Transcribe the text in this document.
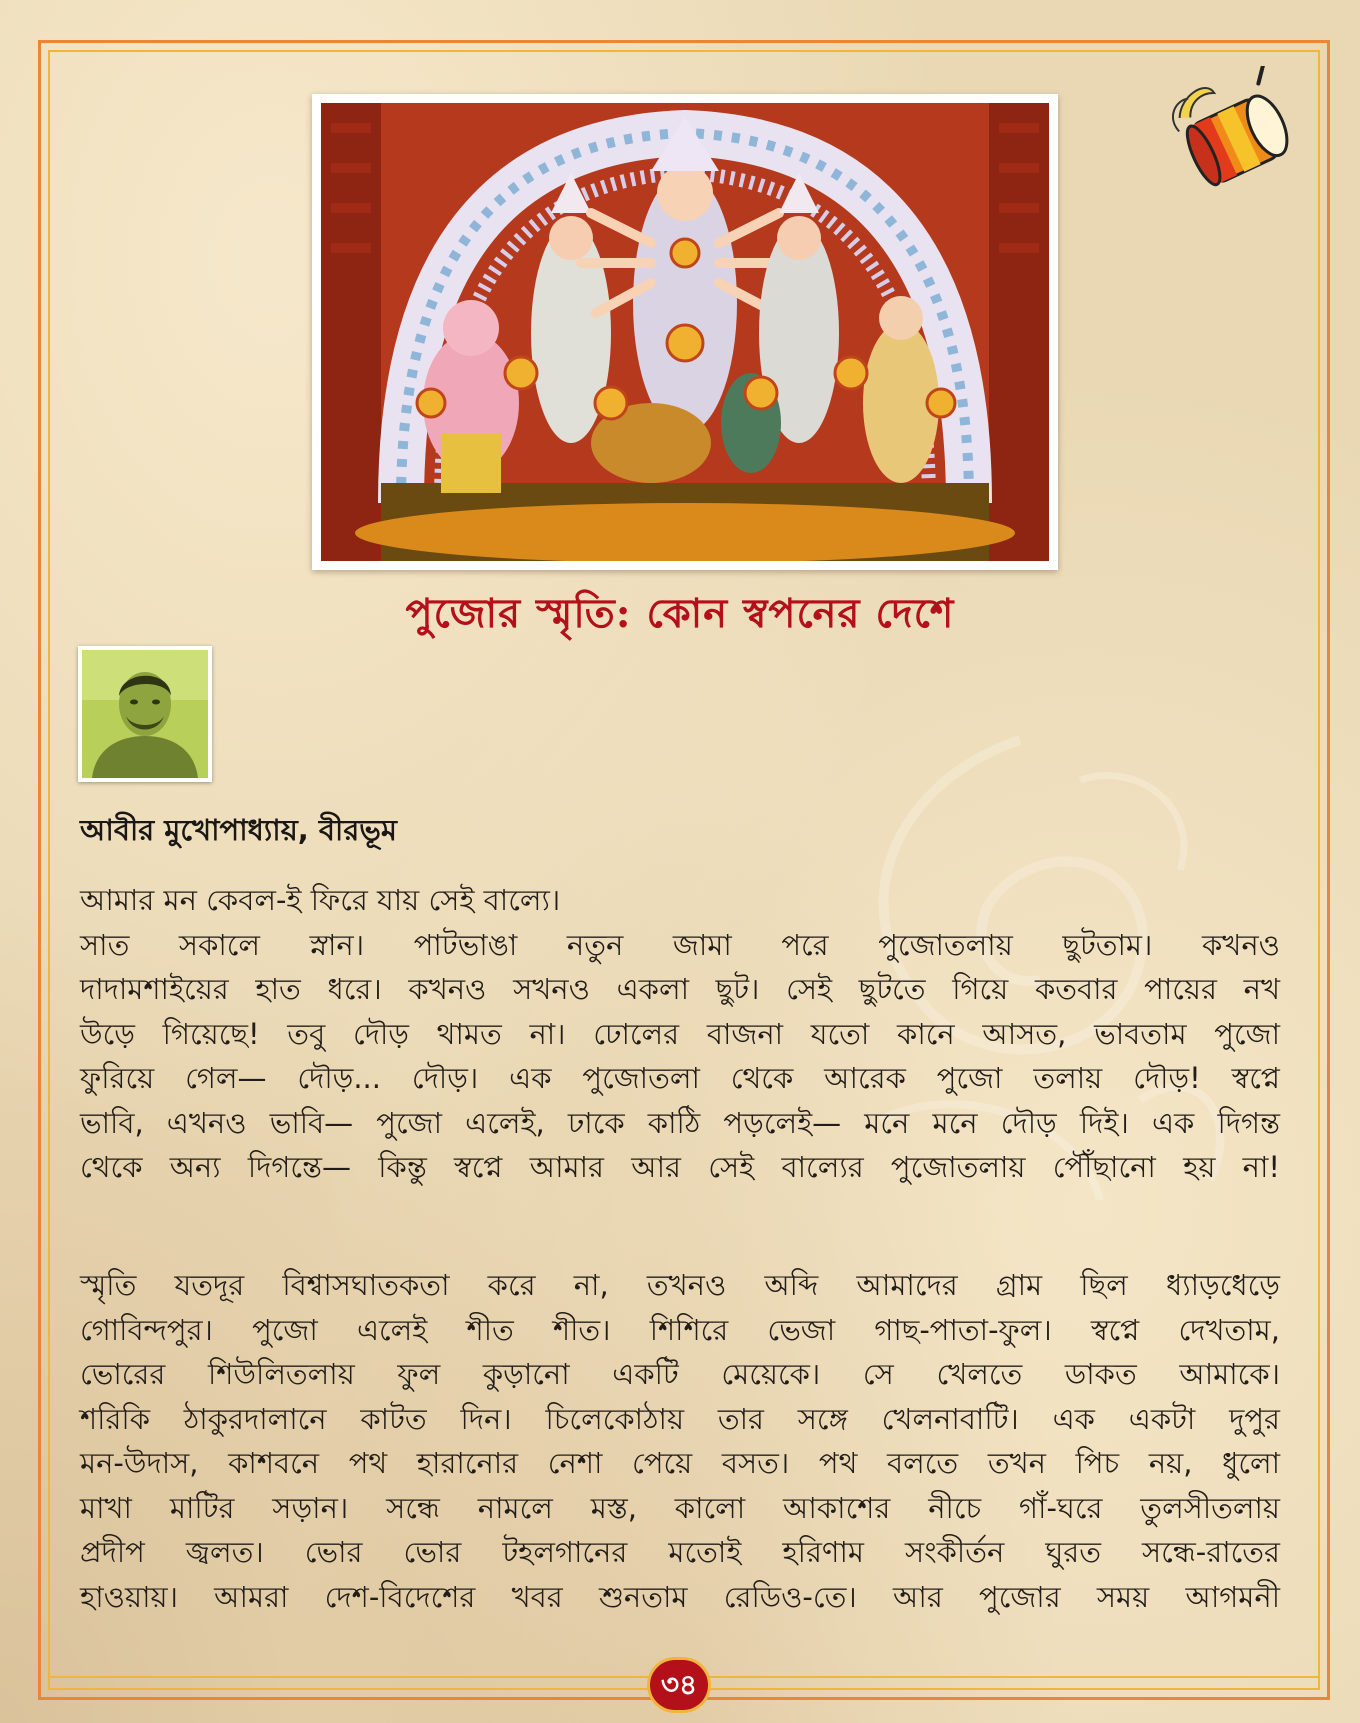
পুজোর স্মৃতি: কোন স্বপনের দেশে
আবীর মুখোপাধ্যায়, বীরভূম
আমার মন কেবল-ই ফিরে যায় সেই বাল্যে।
সাত সকালে স্নান। পাটভাঙা নতুন জামা পরে পুজোতলায় ছুটতাম। কখনও
দাদামশাইয়ের হাত ধরে। কখনও সখনও একলা ছুট। সেই ছুটতে গিয়ে কতবার পায়ের নখ
উড়ে গিয়েছে! তবু দৌড় থামত না। ঢোলের বাজনা যতো কানে আসত, ভাবতাম পুজো
ফুরিয়ে গেল— দৌড়... দৌড়। এক পুজোতলা থেকে আরেক পুজো তলায় দৌড়! স্বপ্নে
ভাবি, এখনও ভাবি— পুজো এলেই, ঢাকে কাঠি পড়লেই— মনে মনে দৌড় দিই। এক দিগন্ত
থেকে অন্য দিগন্তে— কিন্তু স্বপ্নে আমার আর সেই বাল্যের পুজোতলায় পৌঁছানো হয় না!
স্মৃতি যতদূর বিশ্বাসঘাতকতা করে না, তখনও অব্দি আমাদের গ্রাম ছিল ধ্যাড়ধেড়ে
গোবিন্দপুর। পুজো এলেই শীত শীত। শিশিরে ভেজা গাছ-পাতা-ফুল। স্বপ্নে দেখতাম,
ভোরের শিউলিতলায় ফুল কুড়ানো একটি মেয়েকে। সে খেলতে ডাকত আমাকে।
শরিকি ঠাকুরদালানে কাটত দিন। চিলেকোঠায় তার সঙ্গে খেলনাবাটি। এক একটা দুপুর
মন-উদাস, কাশবনে পথ হারানোর নেশা পেয়ে বসত। পথ বলতে তখন পিচ নয়, ধুলো
মাখা মাটির সড়ান। সন্ধে নামলে মস্ত, কালো আকাশের নীচে গাঁ-ঘরে তুলসীতলায়
প্রদীপ জ্বলত। ভোর ভোর টহলগানের মতোই হরিণাম সংকীর্তন ঘুরত সন্ধে-রাতের
হাওয়ায়। আমরা দেশ-বিদেশের খবর শুনতাম রেডিও-তে। আর পুজোর সময় আগমনী
৩৪
